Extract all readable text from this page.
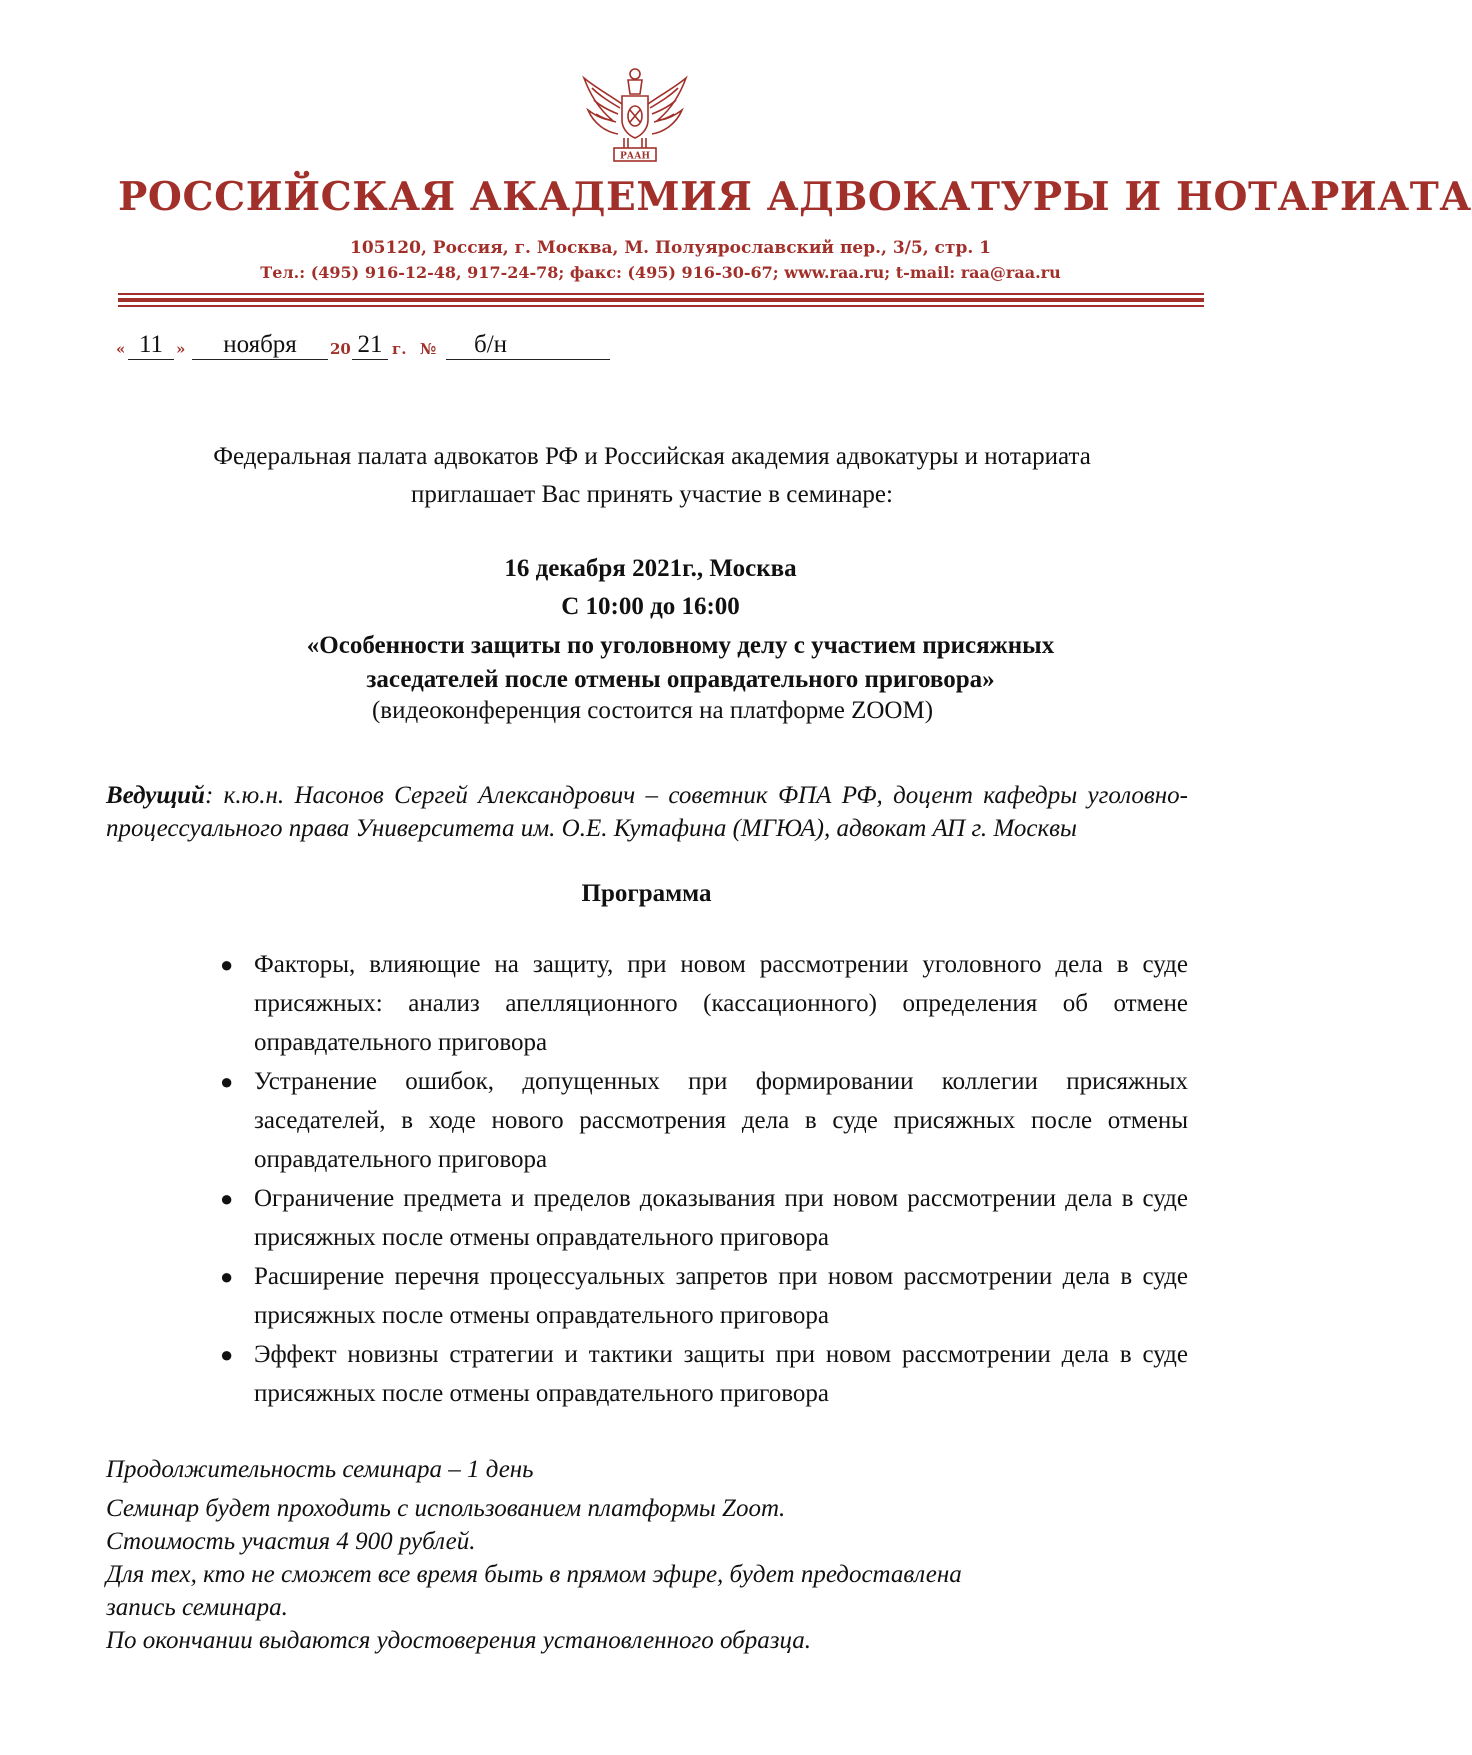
РААН
РОССИЙСКАЯ АКАДЕМИЯ АДВОКАТУРЫ И НОТАРИАТА
105120, Россия, г. Москва, М. Полуярославский пер., 3/5, стр. 1
Тел.: (495) 916-12-48, 917-24-78; факс: (495) 916-30-67; www.raa.ru; t-mail: raa@raa.ru
« 11 »	ноября	20 21 г. №	б/н
Федеральная палата адвокатов РФ и Российская академия адвокатуры и нотариата
приглашает Вас принять участие в семинаре:
16 декабря 2021г., Москва
С 10:00 до 16:00
«Особенности защиты по уголовному делу с участием присяжных
заседателей после отмены оправдательного приговора»
(видеоконференция состоится на платформе ZOOM)
Ведущий: к.ю.н. Насонов Сергей Александрович – советник ФПА РФ, доцент кафедры уголовно-процессуального права Университета им. О.Е. Кутафина (МГЮА), адвокат АП г. Москвы
Программа
● Факторы, влияющие на защиту, при новом рассмотрении уголовного дела в суде присяжных: анализ апелляционного (кассационного) определения об отмене оправдательного приговора
● Устранение ошибок, допущенных при формировании коллегии присяжных заседателей, в ходе нового рассмотрения дела в суде присяжных после отмены оправдательного приговора
● Ограничение предмета и пределов доказывания при новом рассмотрении дела в суде присяжных после отмены оправдательного приговора
● Расширение перечня процессуальных запретов при новом рассмотрении дела в суде присяжных после отмены оправдательного приговора
● Эффект новизны стратегии и тактики защиты при новом рассмотрении дела в суде присяжных после отмены оправдательного приговора
Продолжительность семинара – 1 день
Семинар будет проходить с использованием платформы Zoom.
Стоимость участия 4 900 рублей.
Для тех, кто не сможет все время быть в прямом эфире, будет предоставлена
запись семинара.
По окончании выдаются удостоверения установленного образца.
